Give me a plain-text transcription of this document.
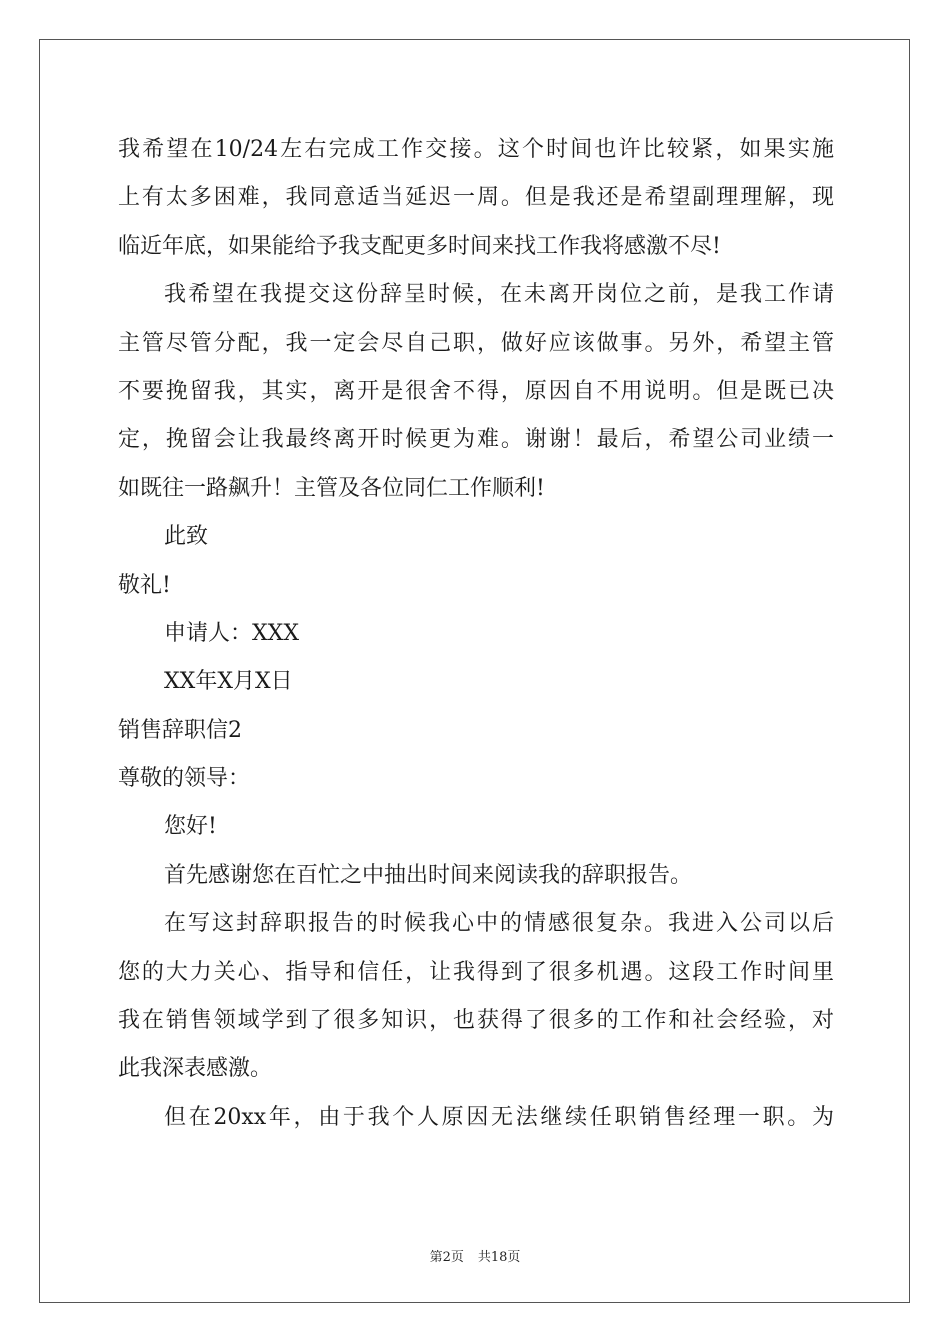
我希望在10/24左右完成工作交接。这个时间也许比较紧，如果实施
上有太多困难，我同意适当延迟一周。但是我还是希望副理理解，现
临近年底，如果能给予我支配更多时间来找工作我将感激不尽!
我希望在我提交这份辞呈时候，在未离开岗位之前，是我工作请
主管尽管分配，我一定会尽自己职，做好应该做事。另外，希望主管
不要挽留我，其实，离开是很舍不得，原因自不用说明。但是既已决
定，挽留会让我最终离开时候更为难。谢谢！最后，希望公司业绩一
如既往一路飙升！主管及各位同仁工作顺利!
此致
敬礼!
申请人：XXX
XX年X月X日
销售辞职信2
尊敬的领导：
您好!
首先感谢您在百忙之中抽出时间来阅读我的辞职报告。
在写这封辞职报告的时候我心中的情感很复杂。我进入公司以后
您的大力关心、指导和信任，让我得到了很多机遇。这段工作时间里
我在销售领域学到了很多知识，也获得了很多的工作和社会经验，对
此我深表感激。
但在20xx年，由于我个人原因无法继续任职销售经理一职。为
第2页 共18页
